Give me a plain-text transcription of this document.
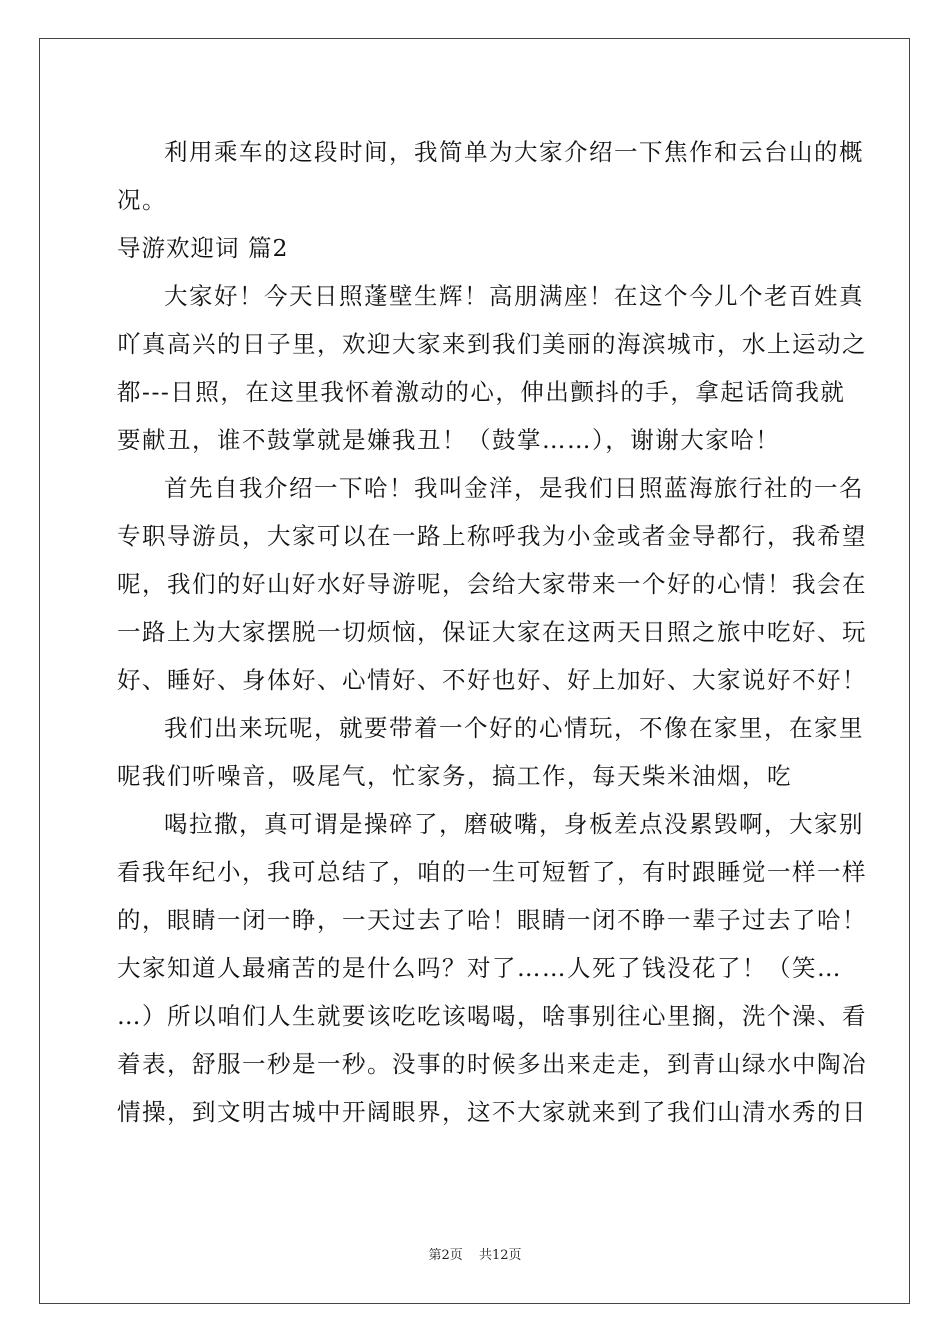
利用乘车的这段时间，我简单为大家介绍一下焦作和云台山的概
况。
导游欢迎词 篇2
大家好！今天日照蓬壁生辉！高朋满座！在这个今儿个老百姓真
吖真高兴的日子里，欢迎大家来到我们美丽的海滨城市，水上运动之
都---日照，在这里我怀着激动的心，伸出颤抖的手，拿起话筒我就
要献丑，谁不鼓掌就是嫌我丑！（鼓掌……），谢谢大家哈！
首先自我介绍一下哈！我叫金洋，是我们日照蓝海旅行社的一名
专职导游员，大家可以在一路上称呼我为小金或者金导都行，我希望
呢，我们的好山好水好导游呢，会给大家带来一个好的心情！我会在
一路上为大家摆脱一切烦恼，保证大家在这两天日照之旅中吃好、玩
好、睡好、身体好、心情好、不好也好、好上加好、大家说好不好！
我们出来玩呢，就要带着一个好的心情玩，不像在家里，在家里
呢我们听噪音，吸尾气，忙家务，搞工作，每天柴米油烟，吃
喝拉撒，真可谓是操碎了，磨破嘴，身板差点没累毁啊，大家别
看我年纪小，我可总结了，咱的一生可短暂了，有时跟睡觉一样一样
的，眼睛一闭一睁，一天过去了哈！眼睛一闭不睁一辈子过去了哈！
大家知道人最痛苦的是什么吗？对了……人死了钱没花了！（笑…
…）所以咱们人生就要该吃吃该喝喝，啥事别往心里搁，洗个澡、看
着表，舒服一秒是一秒。没事的时候多出来走走，到青山绿水中陶冶
情操，到文明古城中开阔眼界，这不大家就来到了我们山清水秀的日
第2页 共12页
